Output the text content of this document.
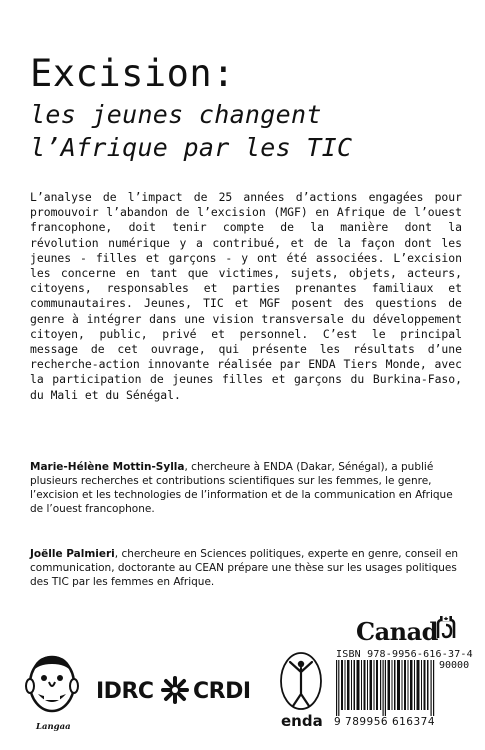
Excision:
les jeunes changent
l’Afrique par les TIC

L’analyse de l’impact de 25 années d’actions engagées pour promouvoir l’abandon de l’excision (MGF) en Afrique de l’ouest francophone, doit tenir compte de la manière dont la révolution numérique y a contribué, et de la façon dont les jeunes - filles et garçons - y ont été associées. L’excision les concerne en tant que victimes, sujets, objets, acteurs, citoyens, responsables et parties prenantes familiaux et communautaires. Jeunes, TIC et MGF posent des questions de genre à intégrer dans une vision transversale du développement citoyen, public, privé et personnel. C’est le principal message de cet ouvrage, qui présente les résultats d’une recherche-action innovante réalisée par ENDA Tiers Monde, avec la participation de jeunes filles et garçons du Burkina-Faso, du Mali et du Sénégal.

Marie-Hélène Mottin-Sylla, chercheure à ENDA (Dakar, Sénégal), a publié plusieurs recherches et contributions scientifiques sur les femmes, le genre, l’excision et les technologies de l’information et de la communication en Afrique de l’ouest francophone.

Joëlle Palmieri, chercheure en Sciences politiques, experte en genre, conseil en communication, doctorante au CEAN prépare une thèse sur les usages politiques des TIC par les femmes en Afrique.

Canad
ISBN 978-9956-616-37-4
90000
9 789956 616374
Langaa
IDRC CRDI
enda
